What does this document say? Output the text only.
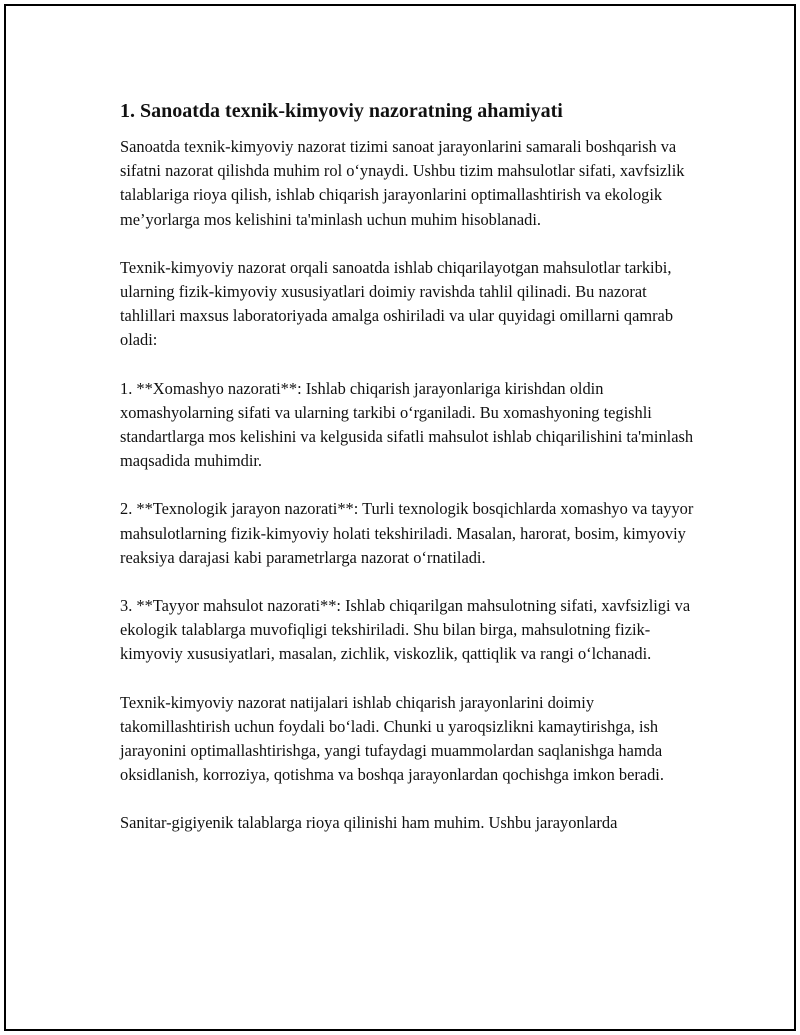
1. Sanoatda texnik-kimyoviy nazoratning ahamiyati

Sanoatda texnik-kimyoviy nazorat tizimi sanoat jarayonlarini samarali boshqarish va sifatni nazorat qilishda muhim rol o‘ynaydi. Ushbu tizim mahsulotlar sifati, xavfsizlik talablariga rioya qilish, ishlab chiqarish jarayonlarini optimallashtirish va ekologik me’yorlarga mos kelishini ta'minlash uchun muhim hisoblanadi.

Texnik-kimyoviy nazorat orqali sanoatda ishlab chiqarilayotgan mahsulotlar tarkibi, ularning fizik-kimyoviy xususiyatlari doimiy ravishda tahlil qilinadi. Bu nazorat tahlillari maxsus laboratoriyada amalga oshiriladi va ular quyidagi omillarni qamrab oladi:

1. **Xomashyo nazorati**: Ishlab chiqarish jarayonlariga kirishdan oldin xomashyolarning sifati va ularning tarkibi o‘rganiladi. Bu xomashyoning tegishli standartlarga mos kelishini va kelgusida sifatli mahsulot ishlab chiqarilishini ta'minlash maqsadida muhimdir.

2. **Texnologik jarayon nazorati**: Turli texnologik bosqichlarda xomashyo va tayyor mahsulotlarning fizik-kimyoviy holati tekshiriladi. Masalan, harorat, bosim, kimyoviy reaksiya darajasi kabi parametrlarga nazorat o‘rnatiladi.

3. **Tayyor mahsulot nazorati**: Ishlab chiqarilgan mahsulotning sifati, xavfsizligi va ekologik talablarga muvofiqligi tekshiriladi. Shu bilan birga, mahsulotning fizik-kimyoviy xususiyatlari, masalan, zichlik, viskozlik, qattiqlik va rangi o‘lchanadi.

Texnik-kimyoviy nazorat natijalari ishlab chiqarish jarayonlarini doimiy takomillashtirish uchun foydali bo‘ladi. Chunki u yaroqsizlikni kamaytirishga, ish jarayonini optimallashtirishga, yangi tufaydagi muammolardan saqlanishga hamda oksidlanish, korroziya, qotishma va boshqa jarayonlardan qochishga imkon beradi.

Sanitar-gigiyenik talablarga rioya qilinishi ham muhim. Ushbu jarayonlarda
